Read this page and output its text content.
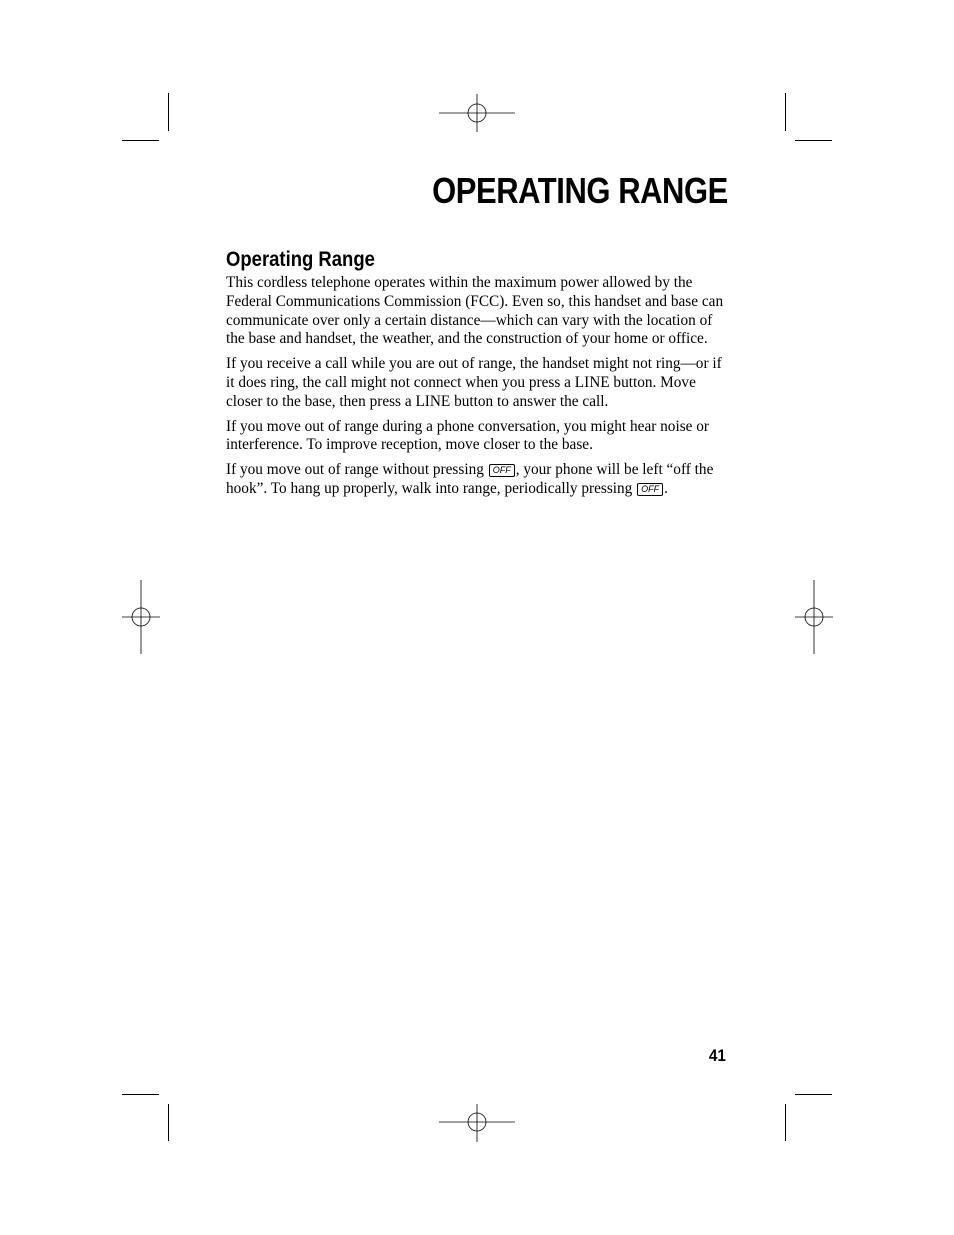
OPERATING RANGE
Operating Range

This cordless telephone operates within the maximum power allowed by the Federal Communications Commission (FCC). Even so, this handset and base can communicate over only a certain distance—which can vary with the location of the base and handset, the weather, and the construction of your home or office.

If you receive a call while you are out of range, the handset might not ring—or if it does ring, the call might not connect when you press a LINE button. Move closer to the base, then press a LINE button to answer the call.

If you move out of range during a phone conversation, you might hear noise or interference. To improve reception, move closer to the base.

If you move out of range without pressing OFF , your phone will be left “off the hook”. To hang up properly, walk into range, periodically pressing OFF .

41
